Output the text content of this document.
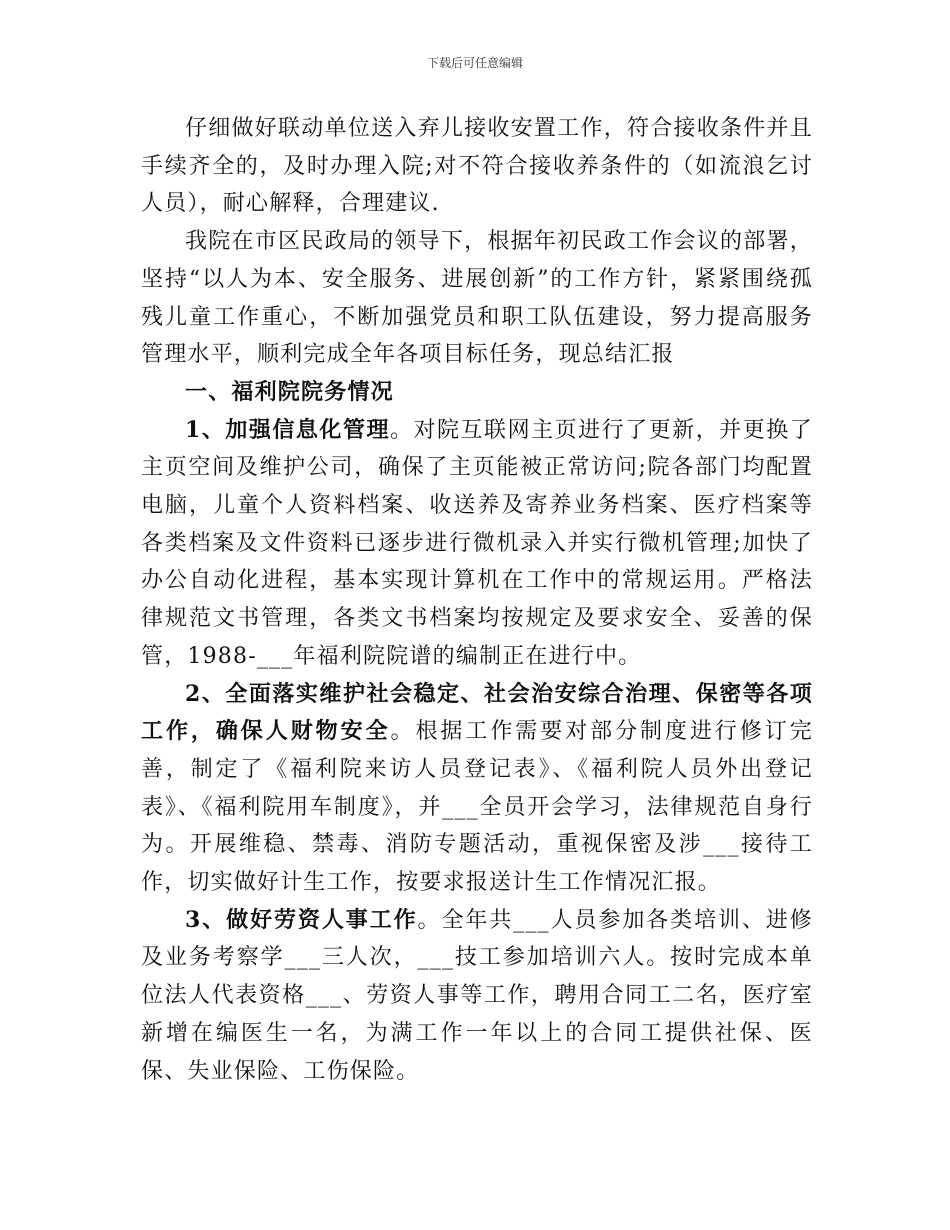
下载后可任意编辑

仔细做好联动单位送入弃儿接收安置工作，符合接收条件并且手续齐全的，及时办理入院;对不符合接收养条件的（如流浪乞讨人员），耐心解释，合理建议.

我院在市区民政局的领导下，根据年初民政工作会议的部署，坚持“以人为本、安全服务、进展创新”的工作方针，紧紧围绕孤残儿童工作重心，不断加强党员和职工队伍建设，努力提高服务管理水平，顺利完成全年各项目标任务，现总结汇报

一、福利院院务情况

1、加强信息化管理。对院互联网主页进行了更新，并更换了主页空间及维护公司，确保了主页能被正常访问;院各部门均配置电脑，儿童个人资料档案、收送养及寄养业务档案、医疗档案等各类档案及文件资料已逐步进行微机录入并实行微机管理;加快了办公自动化进程，基本实现计算机在工作中的常规运用。严格法律规范文书管理，各类文书档案均按规定及要求安全、妥善的保管，1988-___年福利院院谱的编制正在进行中。

2、全面落实维护社会稳定、社会治安综合治理、保密等各项工作，确保人财物安全。根据工作需要对部分制度进行修订完善，制定了《福利院来访人员登记表》、《福利院人员外出登记表》、《福利院用车制度》，并___全员开会学习，法律规范自身行为。开展维稳、禁毒、消防专题活动，重视保密及涉___接待工作，切实做好计生工作，按要求报送计生工作情况汇报。

3、做好劳资人事工作。全年共___人员参加各类培训、进修及业务考察学___三人次，___技工参加培训六人。按时完成本单位法人代表资格___、劳资人事等工作，聘用合同工二名，医疗室新增在编医生一名，为满工作一年以上的合同工提供社保、医保、失业保险、工伤保险。
